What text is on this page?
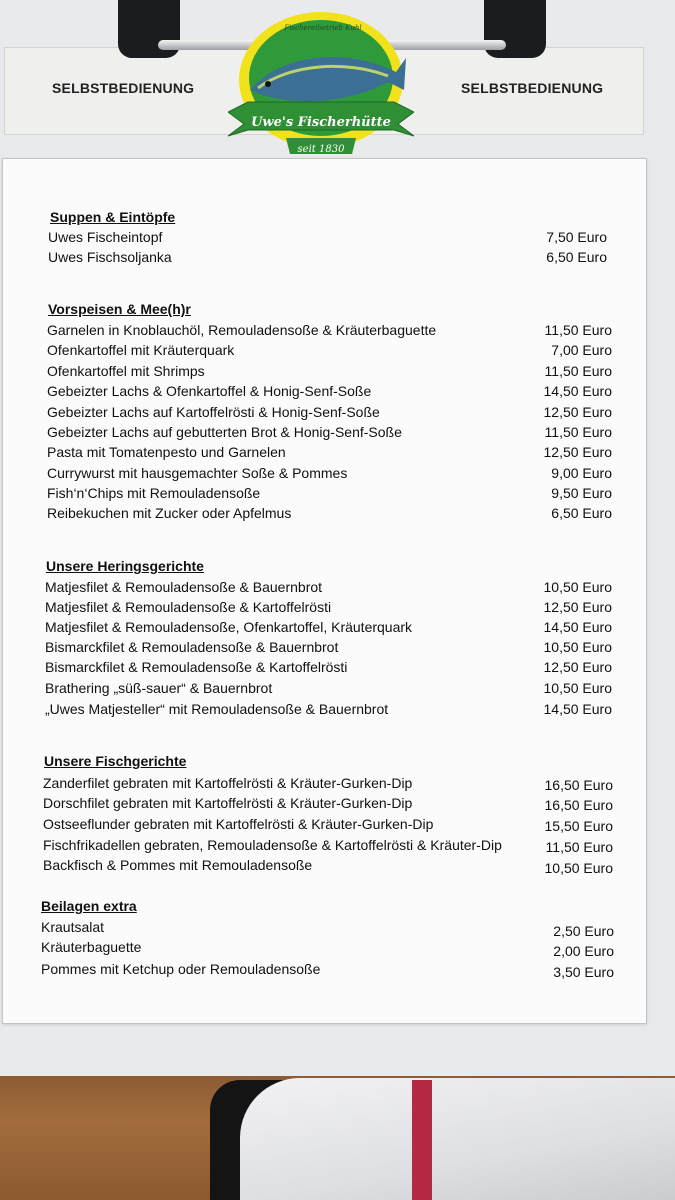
SELBSTBEDIENUNG	SELBSTBEDIENUNG
Fischereibetrieb Kuhl
Uwe's Fischerhütte
seit 1830
Suppen & Eintöpfe
Uwes Fischeintopf	7,50 Euro
Uwes Fischsoljanka	6,50 Euro
Vorspeisen & Mee(h)r
Garnelen in Knoblauchöl, Remouladensoße & Kräuterbaguette	11,50 Euro
Ofenkartoffel mit Kräuterquark	7,00 Euro
Ofenkartoffel mit Shrimps	11,50 Euro
Gebeizter Lachs & Ofenkartoffel & Honig-Senf-Soße	14,50 Euro
Gebeizter Lachs auf Kartoffelrösti & Honig-Senf-Soße	12,50 Euro
Gebeizter Lachs auf gebutterten Brot & Honig-Senf-Soße	11,50 Euro
Pasta mit Tomatenpesto und Garnelen	12,50 Euro
Currywurst mit hausgemachter Soße & Pommes	9,00 Euro
Fish‘n‘Chips mit Remouladensoße	9,50 Euro
Reibekuchen mit Zucker oder Apfelmus	6,50 Euro
Unsere Heringsgerichte
Matjesfilet & Remouladensoße & Bauernbrot	10,50 Euro
Matjesfilet & Remouladensoße & Kartoffelrösti	12,50 Euro
Matjesfilet & Remouladensoße, Ofenkartoffel, Kräuterquark	14,50 Euro
Bismarckfilet & Remouladensoße & Bauernbrot	10,50 Euro
Bismarckfilet & Remouladensoße & Kartoffelrösti	12,50 Euro
Brathering „süß-sauer“ & Bauernbrot	10,50 Euro
„Uwes Matjesteller“ mit Remouladensoße & Bauernbrot	14,50 Euro
Unsere Fischgerichte
Zanderfilet gebraten mit Kartoffelrösti & Kräuter-Gurken-Dip	16,50 Euro
Dorschfilet gebraten mit Kartoffelrösti & Kräuter-Gurken-Dip	16,50 Euro
Ostseeflunder gebraten mit Kartoffelrösti & Kräuter-Gurken-Dip	15,50 Euro
Fischfrikadellen gebraten, Remouladensoße & Kartoffelrösti & Kräuter-Dip	11,50 Euro
Backfisch & Pommes mit Remouladensoße	10,50 Euro
Beilagen extra
Krautsalat	2,50 Euro
Kräuterbaguette	2,00 Euro
Pommes mit Ketchup oder Remouladensoße	3,50 Euro
